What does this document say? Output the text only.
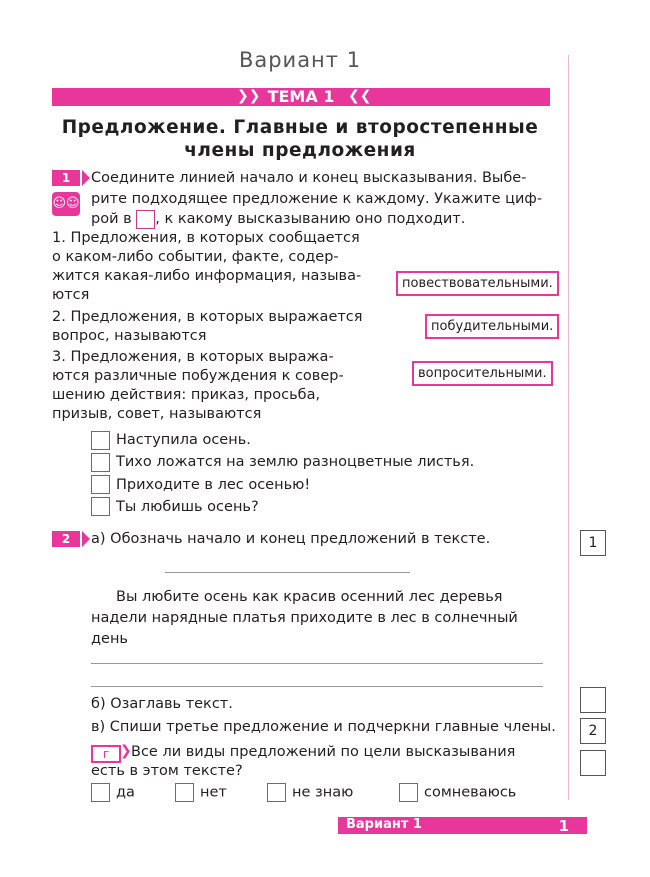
Вариант 1
❯❯ ТЕМА 1 ❮❮
Предложение. Главные и второстепенные
члены предложения
1
☺☺
Соедините линией начало и конец высказывания. Выбе-
рите подходящее предложение к каждому. Укажите циф-
рой в , к какому высказыванию оно подходит.
1. Предложения, в которых сообщается
о каком-либо событии, факте, содер-
жится какая-либо информация, называ-
ются
2. Предложения, в которых выражается
вопрос, называются
3. Предложения, в которых выража-
ются различные побуждения к совер-
шению действия: приказ, просьба,
призыв, совет, называются
повествовательными.
побудительными.
вопросительными.
Наступила осень.
Тихо ложатся на землю разноцветные листья.
Приходите в лес осенью!
Ты любишь осень?
2	а) Обозначь начало и конец предложений в тексте.
Вы любите осень как красив осенний лес деревья
надели нарядные платья приходите в лес в солнечный
день
б) Озаглавь текст.
в) Спиши третье предложение и подчеркни главные члены.
г ❯ Все ли виды предложений по цели высказывания
есть в этом тексте?
да	нет	не знаю	сомневаюсь
1
2
Вариант 1	1
